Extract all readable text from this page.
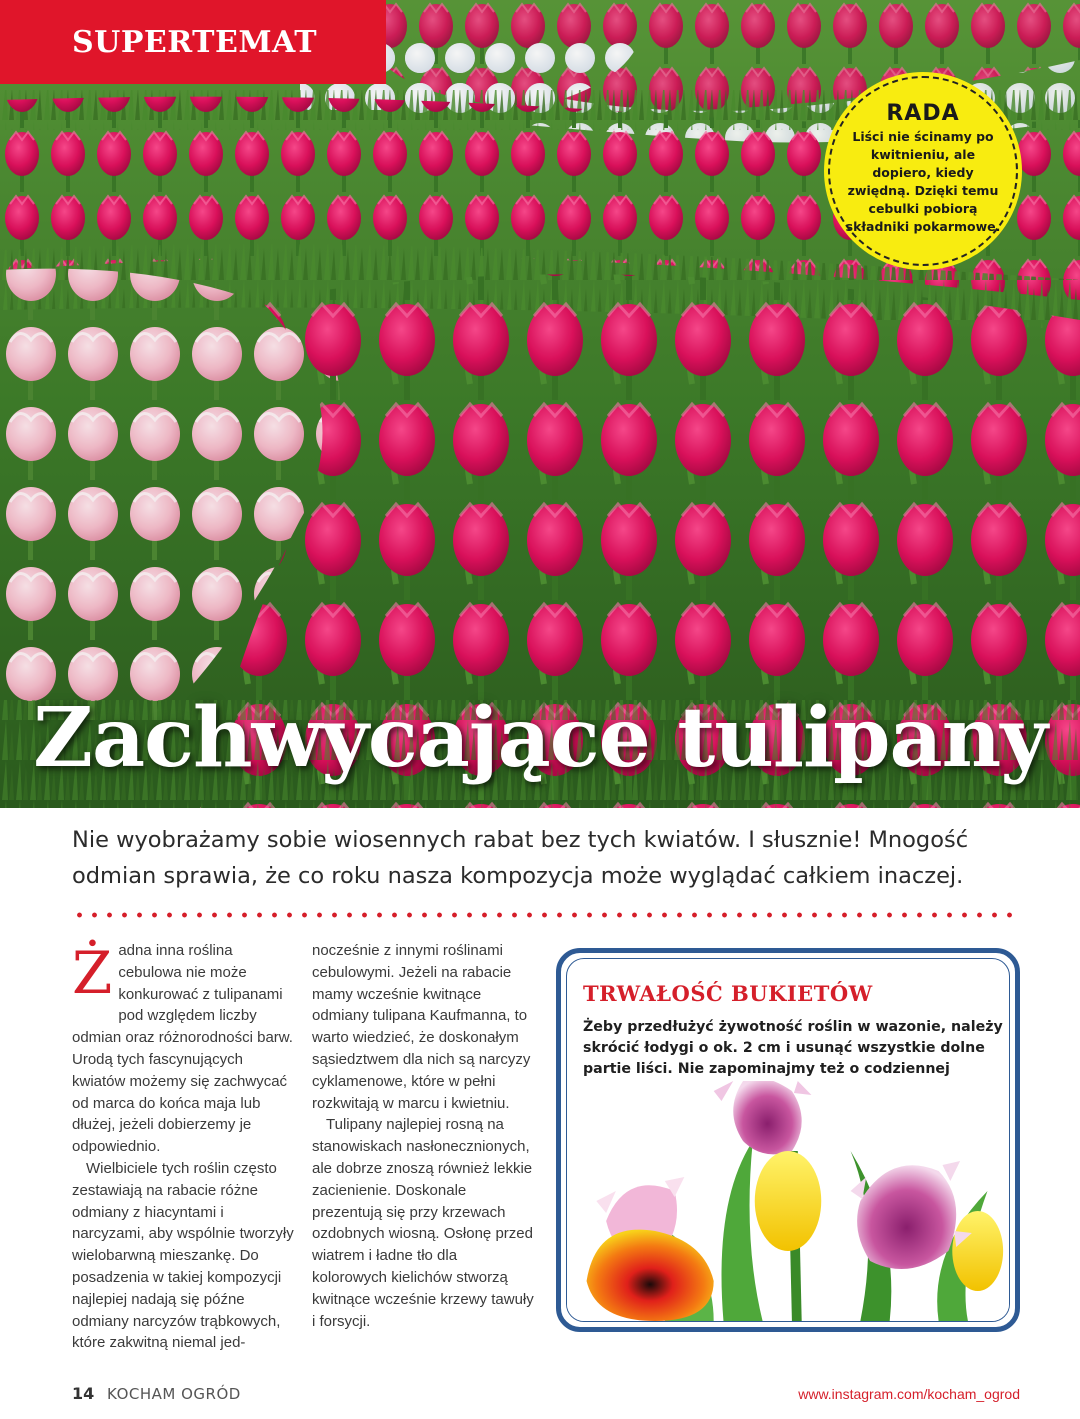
SUPERTEMAT
RADA
Liści nie ścinamy po kwitnieniu, ale dopiero, kiedy zwiędną. Dzięki temu cebulki pobiorą składniki pokarmowe.
Zachwycające tulipany

Nie wyobrażamy sobie wiosennych rabat bez tych kwiatów. I słusznie! Mnogość odmian sprawia, że co roku nasza kompozycja może wyglądać całkiem inaczej.

Żadna inna roślina cebulowa nie może konkurować z tulipanami pod względem liczby odmian oraz różnorodności barw. Urodą tych fascynujących kwiatów możemy się zachwycać od marca do końca maja lub dłużej, jeżeli dobierzemy je odpowiednio.

Wielbiciele tych roślin często zestawiają na rabacie różne odmiany z hiacyntami i narcyzami, aby wspólnie tworzyły wielobarwną mieszankę. Do posadzenia w takiej kompozycji najlepiej nadają się późne odmiany narcyzów trąbkowych, które zakwitną niemal jed-

nocześnie z innymi roślinami cebulowymi. Jeżeli na rabacie mamy wcześnie kwitnące odmiany tulipana Kaufmanna, to warto wiedzieć, że doskonałym sąsiedztwem dla nich są narcyzy cyklamenowe, które w pełni rozkwitają w marcu i kwietniu.

Tulipany najlepiej rosną na stanowiskach nasłonecznionych, ale dobrze znoszą również lekkie zacienienie. Doskonale prezentują się przy krzewach ozdobnych wiosną. Osłonę przed wiatrem i ładne tło dla kolorowych kielichów stworzą kwitnące wcześnie krzewy tawuły i forsycji.

TRWAŁOŚĆ BUKIETÓW
Żeby przedłużyć żywotność roślin w wazonie, należy skrócić łodygi o ok. 2 cm i usunąć wszystkie dolne partie liści. Nie zapominajmy też o codziennej
14 KOCHAM OGRÓD	www.instagram.com/kocham_ogrod
